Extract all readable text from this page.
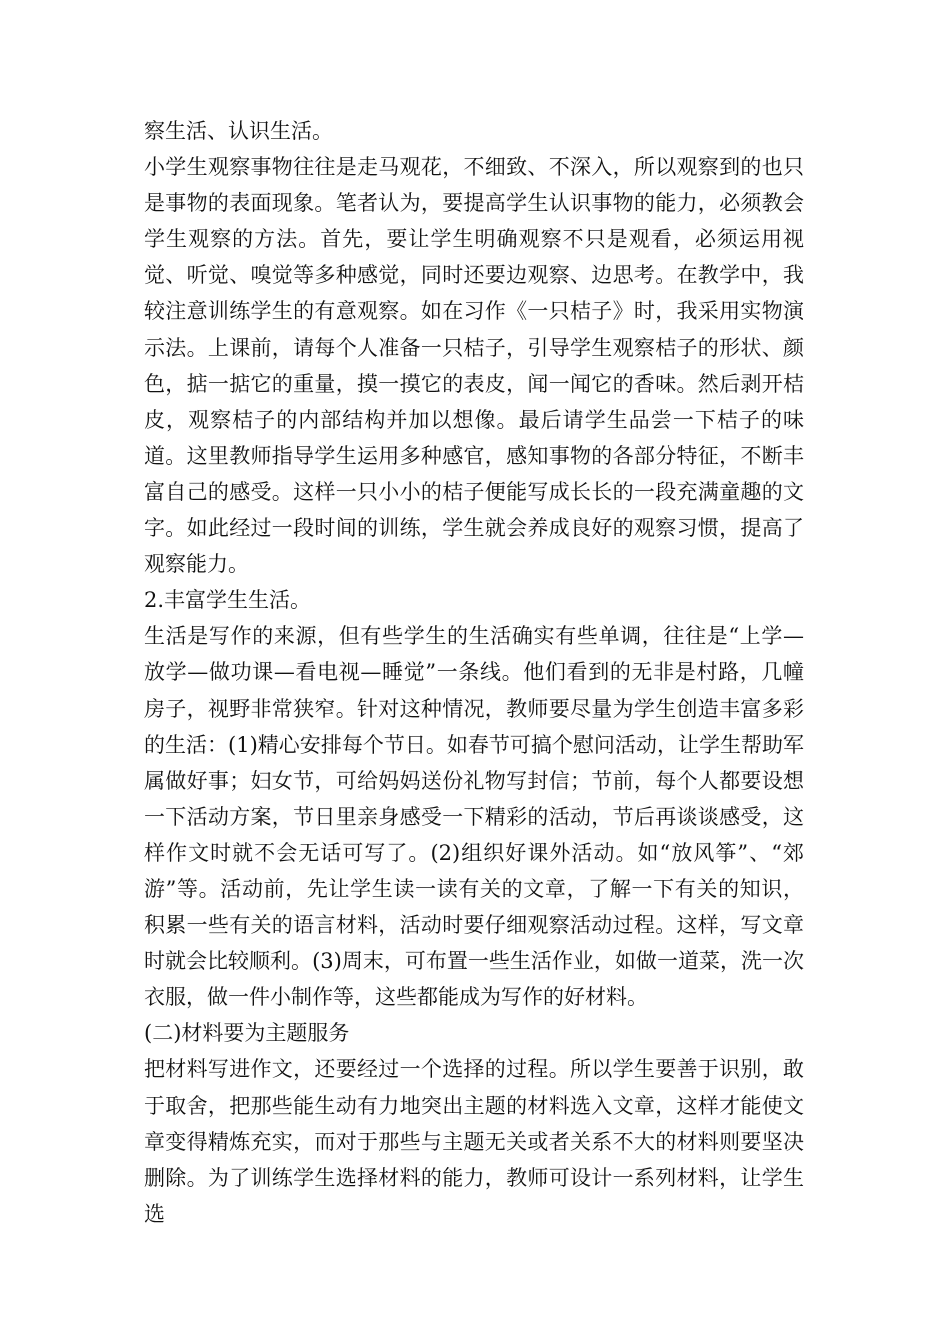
察生活、认识生活。

小学生观察事物往往是走马观花，不细致、不深入，所以观察到的也只是事物的表面现象。笔者认为，要提高学生认识事物的能力，必须教会学生观察的方法。首先，要让学生明确观察不只是观看，必须运用视觉、听觉、嗅觉等多种感觉，同时还要边观察、边思考。在教学中，我较注意训练学生的有意观察。如在习作《一只桔子》时，我采用实物演示法。上课前，请每个人准备一只桔子，引导学生观察桔子的形状、颜色，掂一掂它的重量，摸一摸它的表皮，闻一闻它的香味。然后剥开桔皮，观察桔子的内部结构并加以想像。最后请学生品尝一下桔子的味道。这里教师指导学生运用多种感官，感知事物的各部分特征，不断丰富自己的感受。这样一只小小的桔子便能写成长长的一段充满童趣的文字。如此经过一段时间的训练，学生就会养成良好的观察习惯，提高了观察能力。

2.丰富学生生活。

生活是写作的来源，但有些学生的生活确实有些单调，往往是“上学—放学—做功课—看电视—睡觉”一条线。他们看到的无非是村路，几幢房子，视野非常狭窄。针对这种情况，教师要尽量为学生创造丰富多彩的生活：(1)精心安排每个节日。如春节可搞个慰问活动，让学生帮助军属做好事；妇女节，可给妈妈送份礼物写封信；节前，每个人都要设想一下活动方案，节日里亲身感受一下精彩的活动，节后再谈谈感受，这样作文时就不会无话可写了。(2)组织好课外活动。如“放风筝”、“郊游”等。活动前，先让学生读一读有关的文章，了解一下有关的知识，积累一些有关的语言材料，活动时要仔细观察活动过程。这样，写文章时就会比较顺利。(3)周末，可布置一些生活作业，如做一道菜，洗一次衣服，做一件小制作等，这些都能成为写作的好材料。

(二)材料要为主题服务

把材料写进作文，还要经过一个选择的过程。所以学生要善于识别，敢于取舍，把那些能生动有力地突出主题的材料选入文章，这样才能使文章变得精炼充实，而对于那些与主题无关或者关系不大的材料则要坚决删除。为了训练学生选择材料的能力，教师可设计一系列材料，让学生选
